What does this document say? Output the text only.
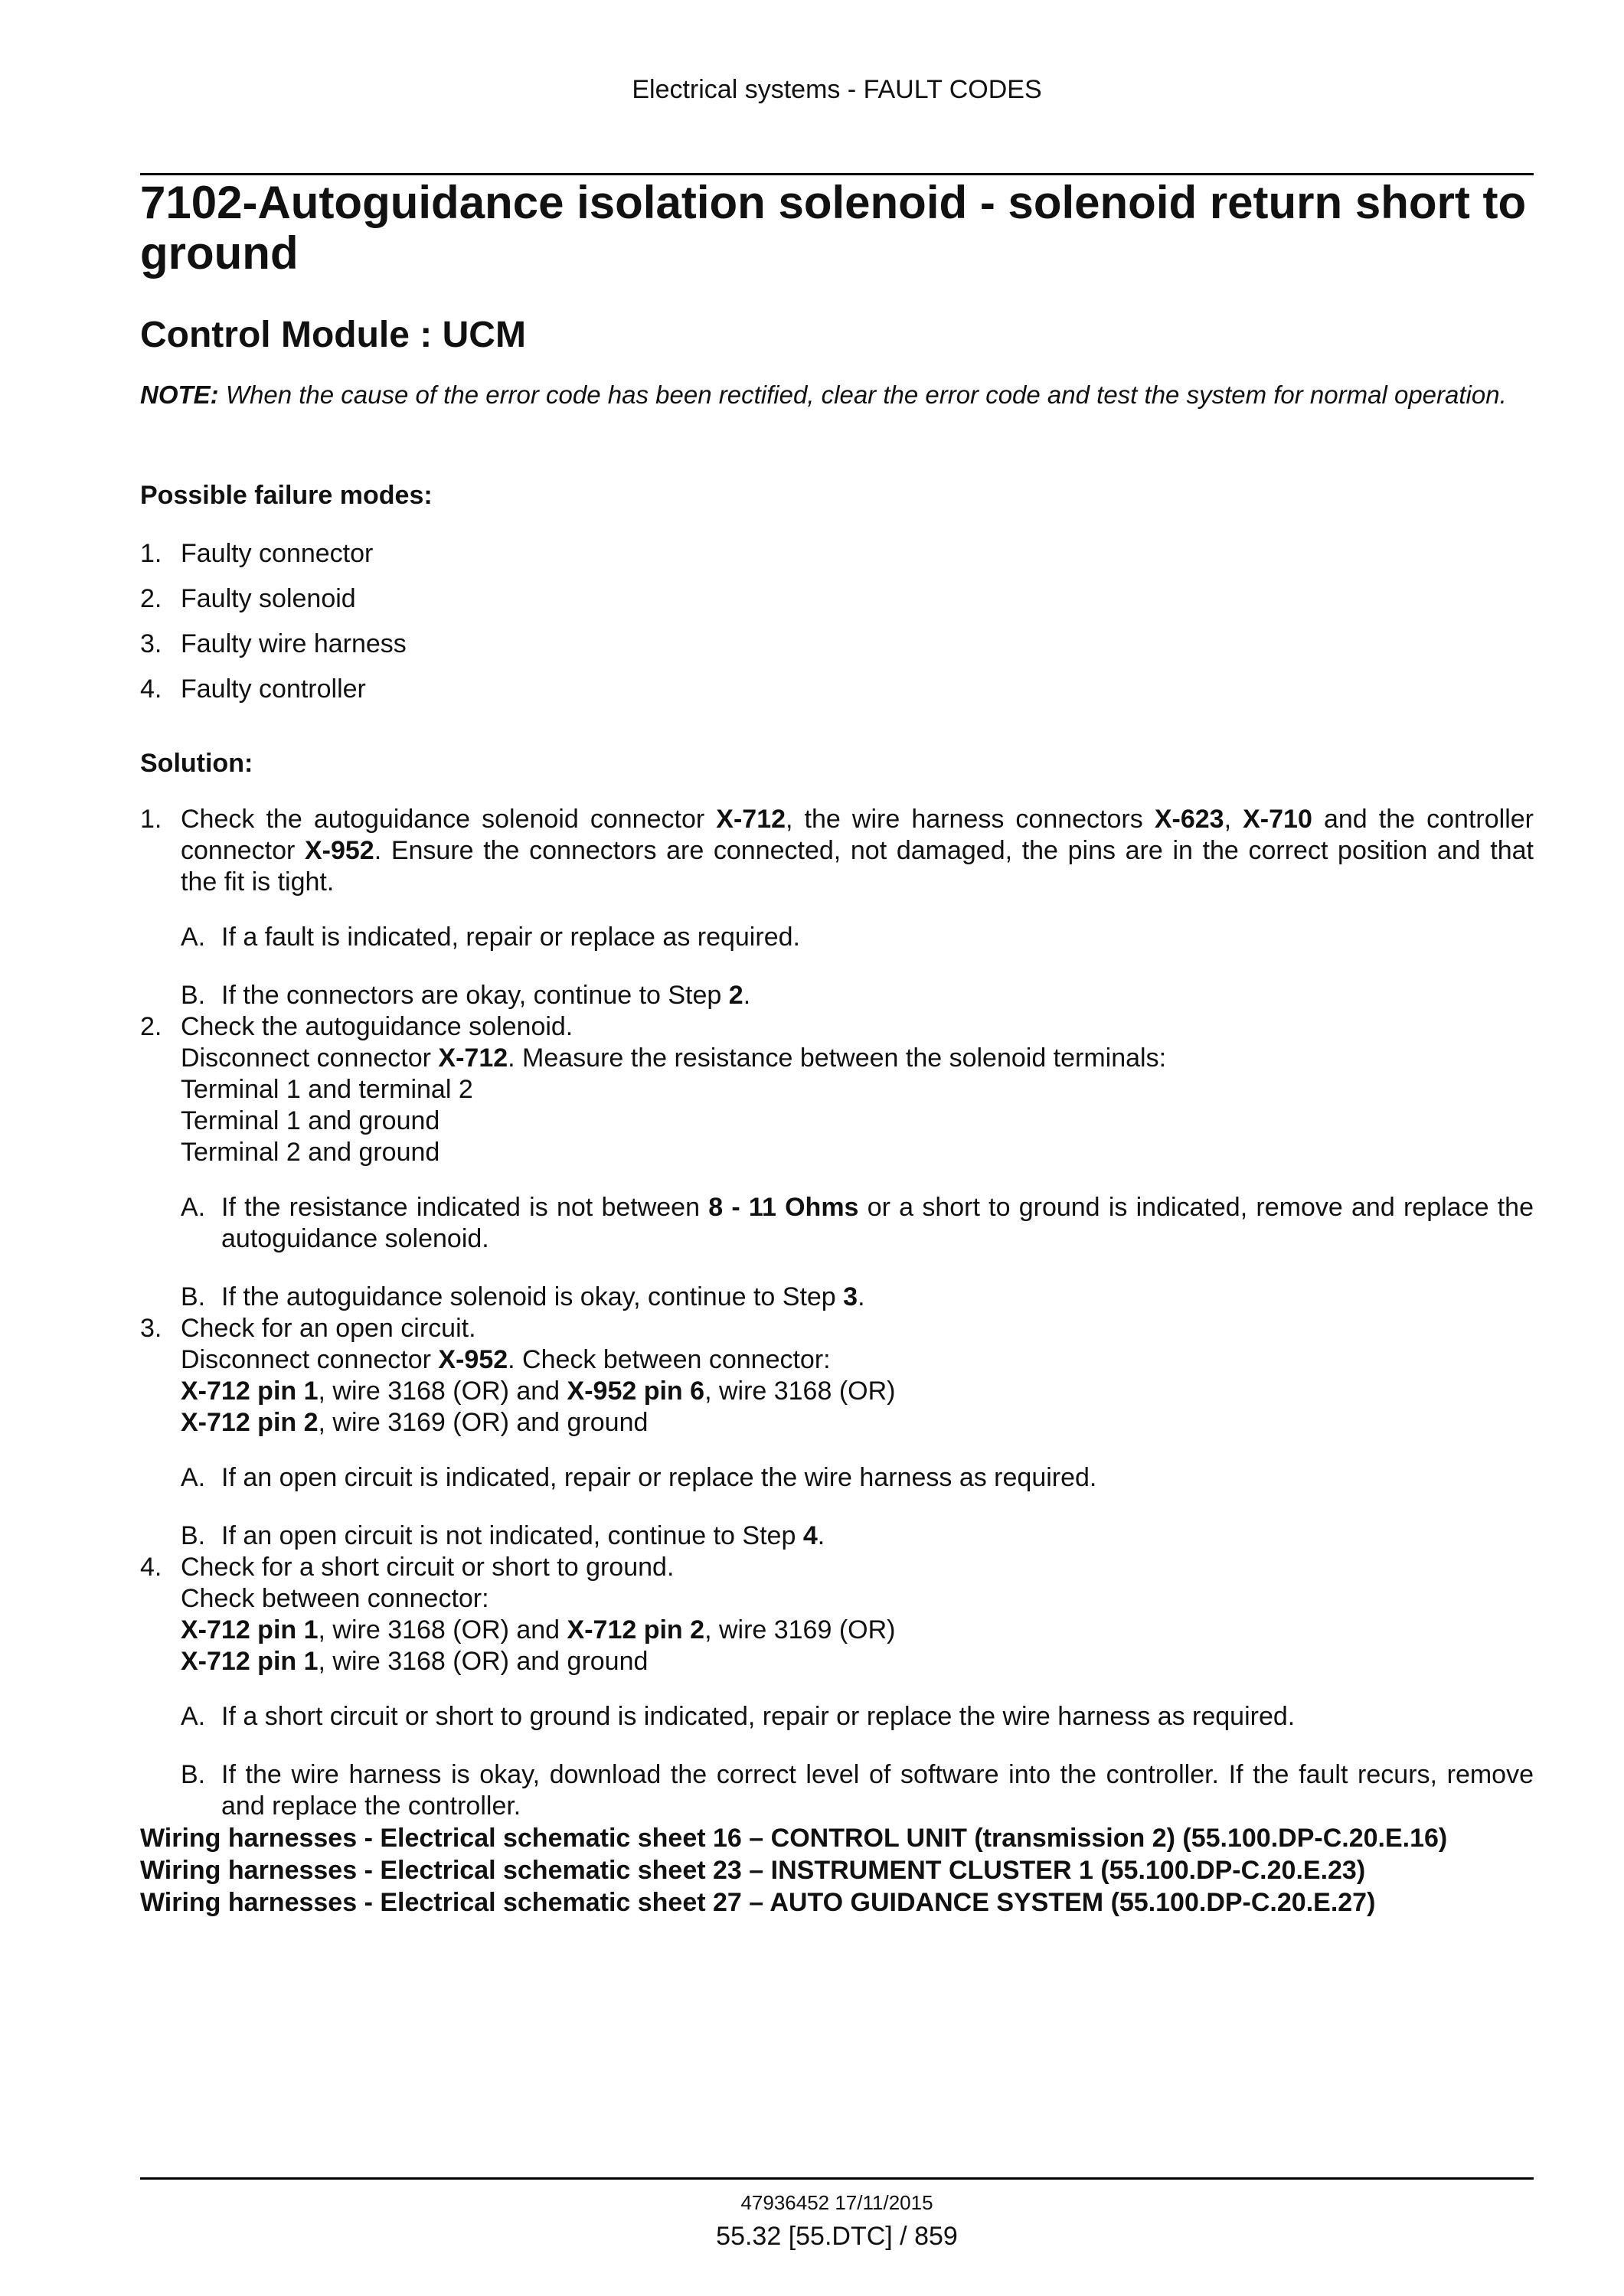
Electrical systems - FAULT CODES
7102-Autoguidance isolation solenoid - solenoid return short to ground
Control Module : UCM

NOTE: When the cause of the error code has been rectified, clear the error code and test the system for normal operation.

Possible failure modes:

1. Faulty connector
2. Faulty solenoid
3. Faulty wire harness
4. Faulty controller

Solution:

1. Check the autoguidance solenoid connector X-712, the wire harness connectors X-623, X-710 and the controller connector X-952. Ensure the connectors are connected, not damaged, the pins are in the correct position and that the fit is tight.
A. If a fault is indicated, repair or replace as required.
B. If the connectors are okay, continue to Step 2.
2. Check the autoguidance solenoid.
Disconnect connector X-712. Measure the resistance between the solenoid terminals:
Terminal 1 and terminal 2
Terminal 1 and ground
Terminal 2 and ground
A. If the resistance indicated is not between 8 - 11 Ohms or a short to ground is indicated, remove and replace the autoguidance solenoid.
B. If the autoguidance solenoid is okay, continue to Step 3.
3. Check for an open circuit.
Disconnect connector X-952. Check between connector:
X-712 pin 1, wire 3168 (OR) and X-952 pin 6, wire 3168 (OR)
X-712 pin 2, wire 3169 (OR) and ground
A. If an open circuit is indicated, repair or replace the wire harness as required.
B. If an open circuit is not indicated, continue to Step 4.
4. Check for a short circuit or short to ground.
Check between connector:
X-712 pin 1, wire 3168 (OR) and X-712 pin 2, wire 3169 (OR)
X-712 pin 1, wire 3168 (OR) and ground
A. If a short circuit or short to ground is indicated, repair or replace the wire harness as required.
B. If the wire harness is okay, download the correct level of software into the controller. If the fault recurs, remove and replace the controller.
Wiring harnesses - Electrical schematic sheet 16 – CONTROL UNIT (transmission 2) (55.100.DP-C.20.E.16)
Wiring harnesses - Electrical schematic sheet 23 – INSTRUMENT CLUSTER 1 (55.100.DP-C.20.E.23)
Wiring harnesses - Electrical schematic sheet 27 – AUTO GUIDANCE SYSTEM (55.100.DP-C.20.E.27)
47936452 17/11/2015
55.32 [55.DTC] / 859
